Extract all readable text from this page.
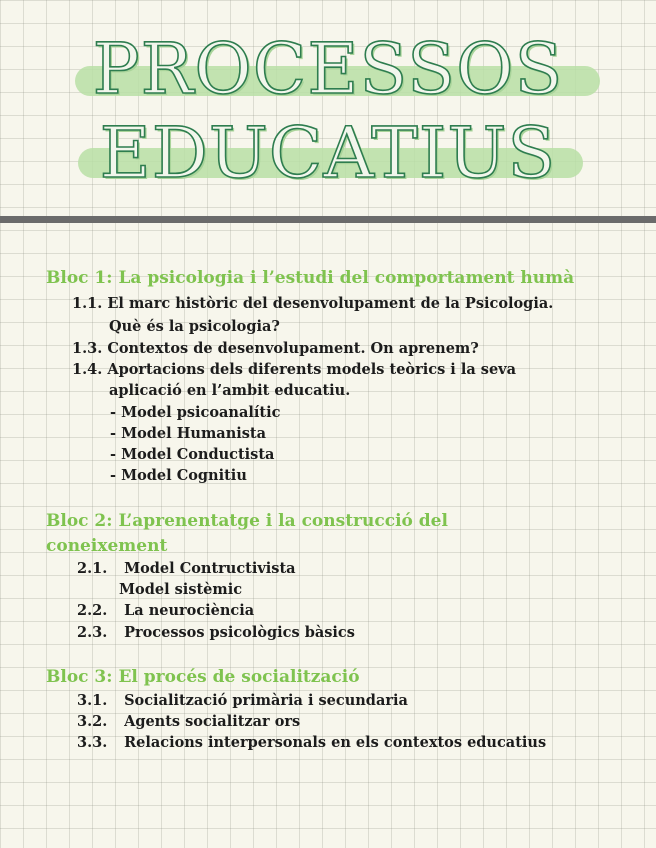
PROCESSOS
EDUCATIUS
Bloc 1: La psicologia i l’estudi del comportament humà
1.1. El marc històric del desenvolupament de la Psicologia.
Què és la psicologia?
1.3. Contextos de desenvolupament. On aprenem?
1.4. Aportacions dels diferents models teòrics i la seva
aplicació en l’ambit educatiu.
- Model psicoanalític
- Model Humanista
- Model Conductista
- Model Cognitiu
Bloc 2: L’aprenentatge i la construcció del
coneixement
2.1. Model Contructivista
Model sistèmic
2.2. La neurociència
2.3. Processos psicològics bàsics
Bloc 3: El procés de socialització
3.1. Socialització primària i secundaria
3.2. Agents socialitzar ors
3.3. Relacions interpersonals en els contextos educatius
